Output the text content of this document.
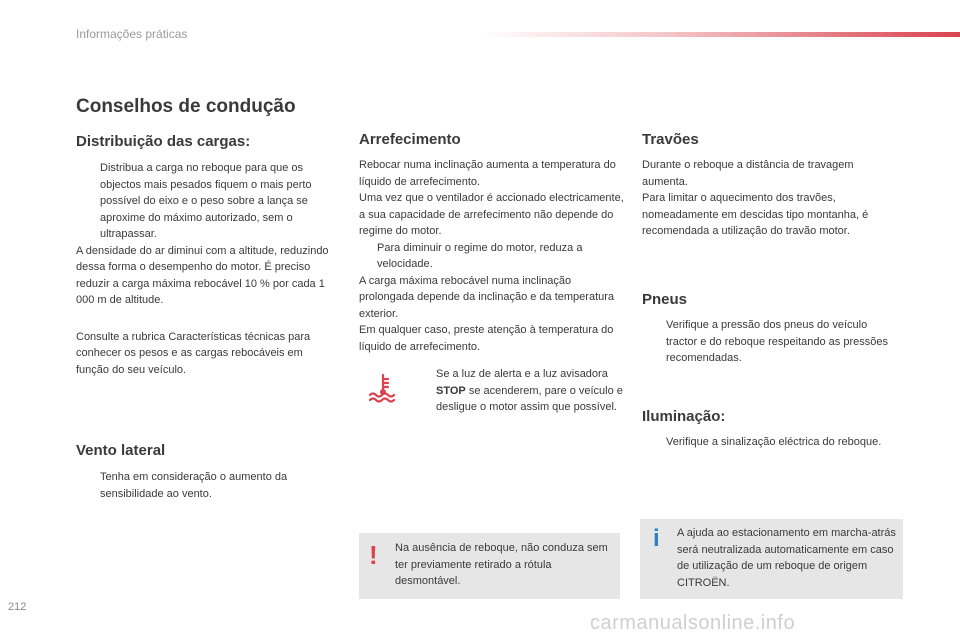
Informações práticas
Conselhos de condução
Distribuição das cargas:

Distribua a carga no reboque para que os objectos mais pesados fiquem o mais perto possível do eixo e o peso sobre a lança se aproxime do máximo autorizado, sem o ultrapassar.

A densidade do ar diminui com a altitude, reduzindo dessa forma o desempenho do motor. É preciso reduzir a carga máxima rebocável 10 % por cada 1 000 m de altitude.

Consulte a rubrica Características técnicas para conhecer os pesos e as cargas rebocáveis em função do seu veículo.

Vento lateral

Tenha em consideração o aumento da sensibilidade ao vento.

Arrefecimento

Rebocar numa inclinação aumenta a temperatura do líquido de arrefecimento.

Uma vez que o ventilador é accionado electricamente, a sua capacidade de arrefecimento não depende do regime do motor.

Para diminuir o regime do motor, reduza a velocidade.

A carga máxima rebocável numa inclinação prolongada depende da inclinação e da temperatura exterior.

Em qualquer caso, preste atenção à temperatura do líquido de arrefecimento.

Se a luz de alerta e a luz avisadora STOP se acenderem, pare o veículo e desligue o motor assim que possível.

Travões

Durante o reboque a distância de travagem aumenta.

Para limitar o aquecimento dos travões, nomeadamente em descidas tipo montanha, é recomendada a utilização do travão motor.

Pneus

Verifique a pressão dos pneus do veículo tractor e do reboque respeitando as pressões recomendadas.

Iluminação:

Verifique a sinalização eléctrica do reboque.

! Na ausência de reboque, não conduza sem ter previamente retirado a rótula desmontável.

i A ajuda ao estacionamento em marcha-atrás será neutralizada automaticamente em caso de utilização de um reboque de origem CITROËN.

212
carmanualsonline.info
